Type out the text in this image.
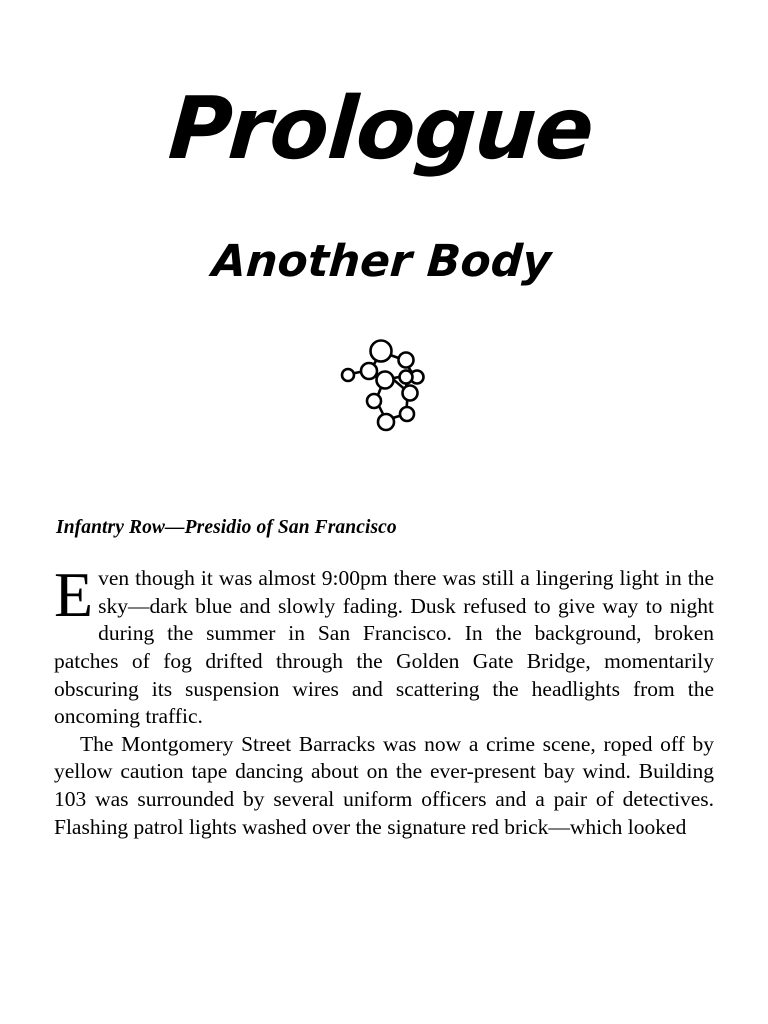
Prologue
Another Body
Infantry Row—Presidio of San Francisco

Even though it was almost 9:00pm there was still a lingering light in the sky—dark blue and slowly fading. Dusk refused to give way to night during the summer in San Francisco. In the background, broken patches of fog drifted through the Golden Gate Bridge, momentarily obscuring its suspension wires and scattering the headlights from the oncoming traffic.

The Montgomery Street Barracks was now a crime scene, roped off by yellow caution tape dancing about on the ever-present bay wind. Building 103 was surrounded by several uniform officers and a pair of detectives. Flashing patrol lights washed over the signature red brick—which looked
